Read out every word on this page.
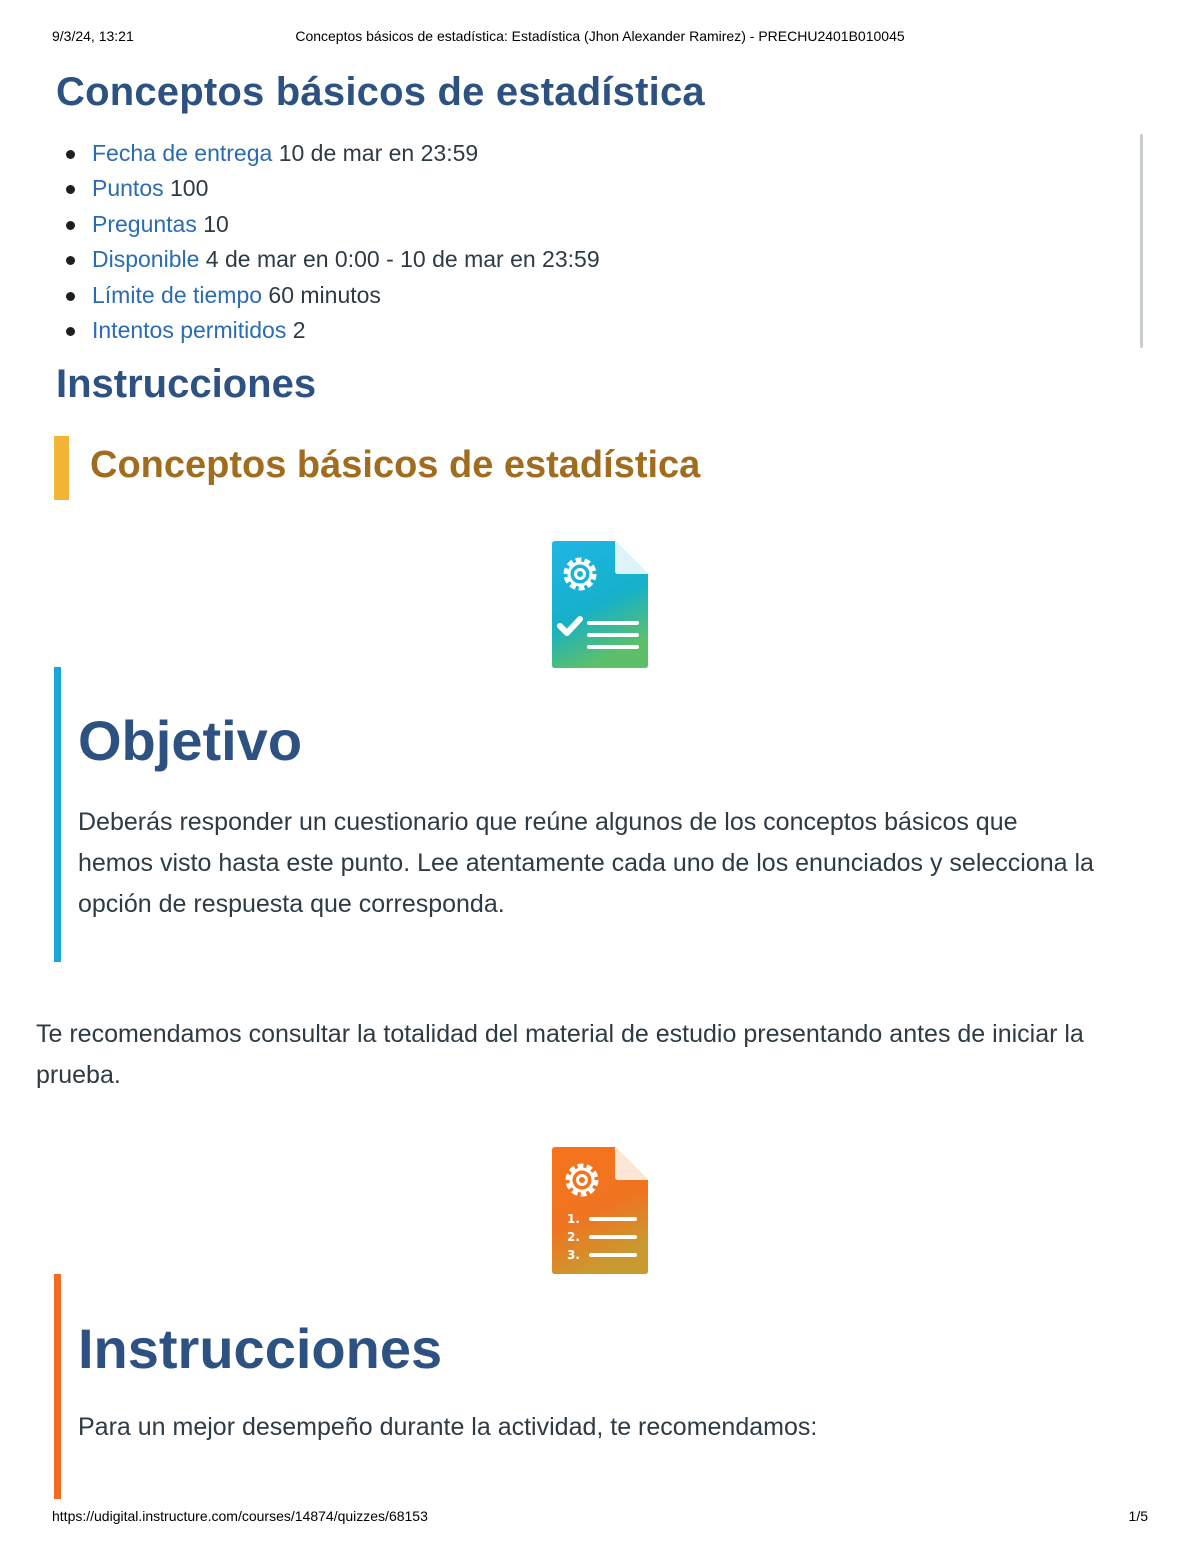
9/3/24, 13:21	Conceptos básicos de estadística: Estadística (Jhon Alexander Ramirez) - PRECHU2401B010045
Conceptos básicos de estadística
Fecha de entrega 10 de mar en 23:59
Puntos 100
Preguntas 10
Disponible 4 de mar en 0:00 - 10 de mar en 23:59
Límite de tiempo 60 minutos
Intentos permitidos 2
Instrucciones
Conceptos básicos de estadística
Objetivo

Deberás responder un cuestionario que reúne algunos de los conceptos básicos que hemos visto hasta este punto. Lee atentamente cada uno de los enunciados y selecciona la opción de respuesta que corresponda.

Te recomendamos consultar la totalidad del material de estudio presentando antes de iniciar la prueba.

1.
2.
3.
Instrucciones

Para un mejor desempeño durante la actividad, te recomendamos:

https://udigital.instructure.com/courses/14874/quizzes/68153	1/5
